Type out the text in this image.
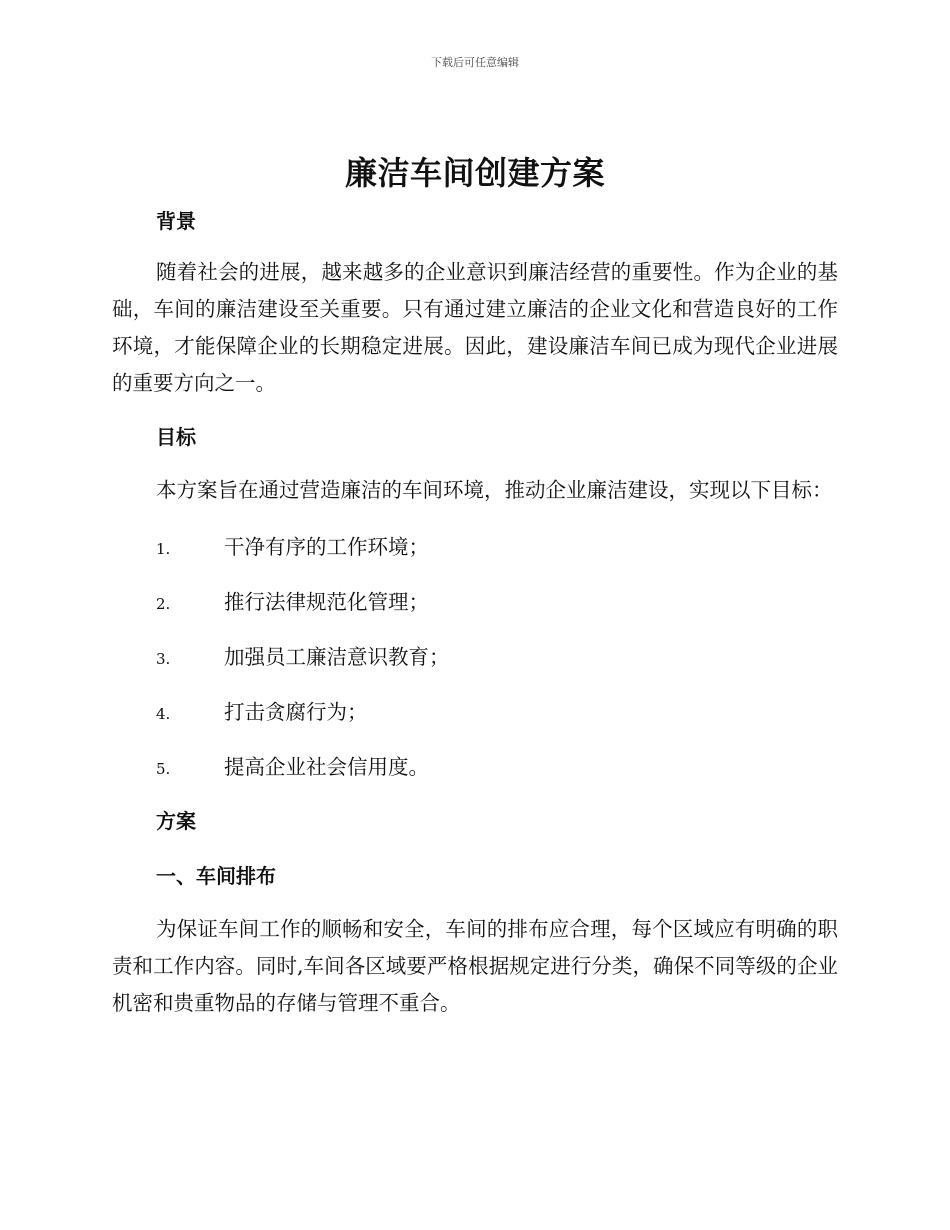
下载后可任意编辑
廉洁车间创建方案
背景

随着社会的进展，越来越多的企业意识到廉洁经营的重要性。作为企业的基础，车间的廉洁建设至关重要。只有通过建立廉洁的企业文化和营造良好的工作环境，才能保障企业的长期稳定进展。因此，建设廉洁车间已成为现代企业进展的重要方向之一。

目标

本方案旨在通过营造廉洁的车间环境，推动企业廉洁建设，实现以下目标：

1.	干净有序的工作环境；
2.	推行法律规范化管理；
3.	加强员工廉洁意识教育；
4.	打击贪腐行为；
5.	提高企业社会信用度。
方案
一、车间排布

为保证车间工作的顺畅和安全，车间的排布应合理，每个区域应有明确的职责和工作内容。同时,车间各区域要严格根据规定进行分类，确保不同等级的企业机密和贵重物品的存储与管理不重合。
